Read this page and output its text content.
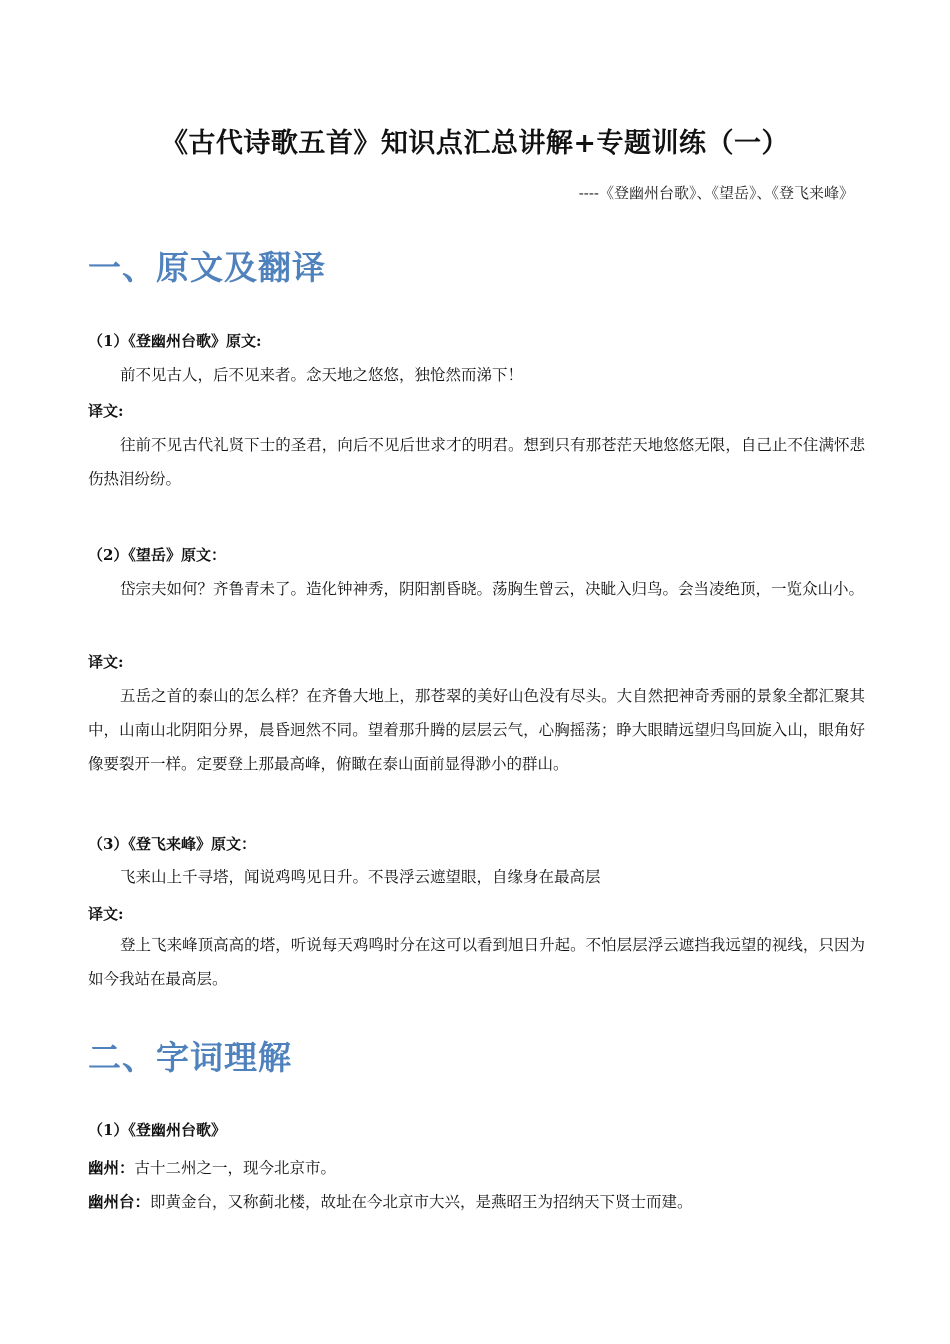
《古代诗歌五首》知识点汇总讲解+专题训练（一）
----《登幽州台歌》、《望岳》、《登飞来峰》
一、原文及翻译
（1）《登幽州台歌》原文:
前不见古人，后不见来者。念天地之悠悠，独怆然而涕下！
译文:
往前不见古代礼贤下士的圣君，向后不见后世求才的明君。想到只有那苍茫天地悠悠无限，自己止不住满怀悲伤热泪纷纷。
（2）《望岳》原文：
岱宗夫如何？齐鲁青未了。造化钟神秀，阴阳割昏晓。荡胸生曾云，决眦入归鸟。会当凌绝顶，一览众山小。
译文:
五岳之首的泰山的怎么样？在齐鲁大地上，那苍翠的美好山色没有尽头。大自然把神奇秀丽的景象全都汇聚其中，山南山北阴阳分界，晨昏迥然不同。望着那升腾的层层云气，心胸摇荡；睁大眼睛远望归鸟回旋入山，眼角好像要裂开一样。定要登上那最高峰，俯瞰在泰山面前显得渺小的群山。
（3）《登飞来峰》原文：
飞来山上千寻塔，闻说鸡鸣见日升。不畏浮云遮望眼，自缘身在最高层
译文:
登上飞来峰顶高高的塔，听说每天鸡鸣时分在这可以看到旭日升起。不怕层层浮云遮挡我远望的视线，只因为如今我站在最高层。
二、字词理解
（1）《登幽州台歌》
幽州：古十二州之一，现今北京市。
幽州台：即黄金台，又称蓟北楼，故址在今北京市大兴，是燕昭王为招纳天下贤士而建。
